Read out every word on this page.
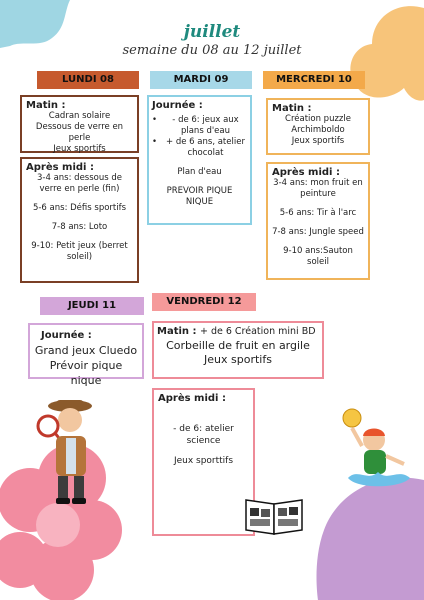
juillet
semaine du 08 au 12 juillet
LUNDI 08
Matin :

Cadran solaire

Dessous de verre en perle

Jeux sportifs

Après midi :

3-4 ans: dessous de verre en perle (fin)

5-6 ans: Défis sportifs

7-8 ans: Loto

9-10: Petit jeux (berret soleil)

MARDI 09
Journée :
•	- de 6: jeux aux plans d'eau

•	+ de 6 ans, atelier chocolat

Plan d'eau

PREVOIR PIQUE NIQUE

MERCREDI 10
Matin :

Création puzzle

Archimboldo

Jeux sportifs

Après midi :

3-4 ans: mon fruit en peinture

5-6 ans: Tir à l'arc

7-8 ans: Jungle speed

9-10 ans:Sauton soleil

JEUDI 11
Journée :

Grand jeux Cluedo

Prévoir pique nique

VENDREDI 12
Matin : + de 6 Création mini BD

Corbeille de fruit en argile

Jeux sportifs

Après midi :

- de 6: atelier science

Jeux sporttifs
